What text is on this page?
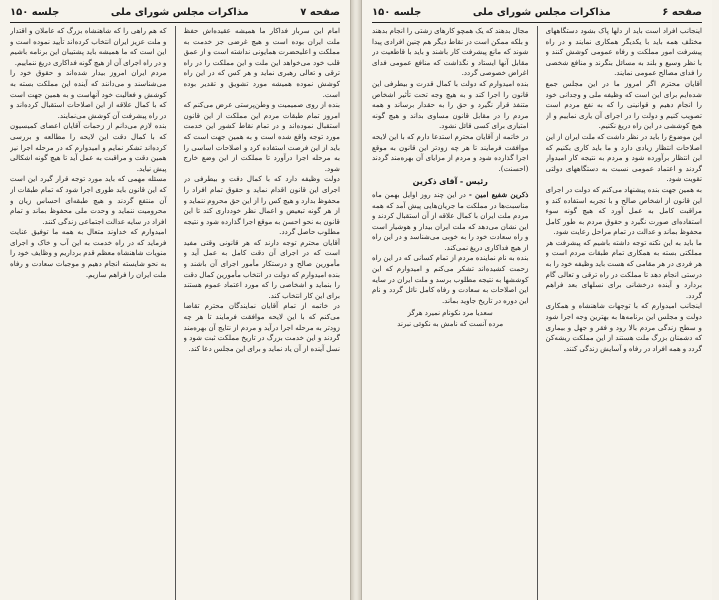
صفحه ۷
مذاکرات مجلس شورای ملی
جلسه ۱۵۰

امام این سرباز فداکار ما همیشه عقیده‌اش حفظ ملت ایران بوده است و هیچ غرضی جز خدمت به مملکت و اعلیحضرت همایونی نداشته است و از عمق قلب خود می‌خواهد این ملت و این مملکت را در راه ترقی و تعالی رهبری نماید و هر کس که در این راه کوشش نموده همیشه مورد تشویق و تقدیر بوده است.

بنده از روی صمیمیت و وطن‌پرستی عرض می‌کنم که امروز تمام طبقات مردم این مملکت از این قانون استقبال نموده‌اند و در تمام نقاط کشور این خدمت مورد توجه واقع شده است و به همین جهت است که باید از این فرصت استفاده کرد و اصلاحات اساسی را به مرحله اجرا درآورد تا مملکت از این وضع خارج شود.

دولت وظیفه دارد که با کمال دقت و بیطرفی در اجرای این قانون اقدام نماید و حقوق تمام افراد را محفوظ بدارد و هیچ کس را از این حق محروم ننماید و از هر گونه تبعیض و اعمال نظر خودداری کند تا این قانون به نحو احسن به موقع اجرا گذارده شود و نتیجه مطلوب حاصل گردد.

آقایان محترم توجه دارند که هر قانونی وقتی مفید است که در اجرای آن دقت کامل به عمل آید و مأمورین صالح و درستکار مأمور اجرای آن باشند و بنده امیدوارم که دولت در انتخاب مأمورین کمال دقت را بنماید و اشخاصی را که مورد اعتماد عموم هستند برای این کار انتخاب کند.

در خاتمه از تمام آقایان نمایندگان محترم تقاضا می‌کنم که با این لایحه موافقت فرمایند تا هر چه زودتر به مرحله اجرا درآید و مردم از نتایج آن بهره‌مند گردند و این خدمت بزرگ در تاریخ مملکت ثبت شود و نسل آینده از آن یاد نماید و برای این مجلس دعا کند.

که هم راهی را که شاهنشاه بزرگ که عاملان و اقتدار و ملت عزیز ایران انتخاب کرده‌اند تأیید نموده است و این است که ما همیشه باید پشتیبان این برنامه باشیم و در راه اجرای آن از هیچ گونه فداکاری دریغ ننماییم.

مردم ایران امروز بیدار شده‌اند و حقوق خود را می‌شناسند و می‌دانند که آینده این مملکت بسته به کوشش و فعالیت خود آنهاست و به همین جهت است که با کمال علاقه از این اصلاحات استقبال کرده‌اند و در راه پیشرفت آن کوشش می‌نمایند.

بنده لازم می‌دانم از زحمات آقایان اعضای کمیسیون که با کمال دقت این لایحه را مطالعه و بررسی کرده‌اند تشکر نمایم و امیدوارم که در مرحله اجرا نیز همین دقت و مراقبت به عمل آید تا هیچ گونه اشکالی پیش نیاید.

مسئله مهمی که باید مورد توجه قرار گیرد این است که این قانون باید طوری اجرا شود که تمام طبقات از آن منتفع گردند و هیچ طبقه‌ای احساس زیان و محرومیت ننماید و وحدت ملی محفوظ بماند و تمام افراد در سایه عدالت اجتماعی زندگی کنند.

امیدوارم که خداوند متعال به همه ما توفیق عنایت فرماید که در راه خدمت به این آب و خاک و اجرای منویات شاهنشاه معظم قدم برداریم و وظایف خود را به نحو شایسته انجام دهیم و موجبات سعادت و رفاه ملت ایران را فراهم سازیم.

صفحه ۶
مذاکرات مجلس شورای ملی
جلسه ۱۵۰

اینجانب افراد است باید از دلها پاک بشود دستگاههای مختلف همه باید با یکدیگر همکاری نمایند و در راه پیشرفت امور مملکت و رفاه عمومی کوشش کنند و با نظر وسیع و بلند به مسائل بنگرند و منافع شخصی را فدای مصالح عمومی نمایند.

آقایان محترم اگر امروز ما در این مجلس جمع شده‌ایم برای این است که وظیفه ملی و وجدانی خود را انجام دهیم و قوانینی را که به نفع مردم است تصویب کنیم و دولت را در اجرای آن یاری نماییم و از هیچ کوششی در این راه دریغ نکنیم.

این موضوع را باید در نظر داشت که ملت ایران از این اصلاحات انتظار زیادی دارد و ما باید کاری بکنیم که این انتظار برآورده شود و مردم به نتیجه کار امیدوار گردند و اعتماد عمومی نسبت به دستگاههای دولتی تقویت شود.

به همین جهت بنده پیشنهاد می‌کنم که دولت در اجرای این قانون از اشخاص صالح و با تجربه استفاده کند و مراقبت کامل به عمل آورد که هیچ گونه سوء استفاده‌ای صورت نگیرد و حقوق مردم به طور کامل محفوظ بماند و عدالت در تمام مراحل رعایت شود.

ما باید به این نکته توجه داشته باشیم که پیشرفت هر مملکتی بسته به همکاری تمام طبقات مردم است و هر فردی در هر مقامی که هست باید وظیفه خود را به درستی انجام دهد تا مملکت در راه ترقی و تعالی گام بردارد و آینده درخشانی برای نسلهای بعد فراهم گردد.

اینجانب امیدوارم که با توجهات شاهنشاه و همکاری دولت و مجلس این برنامه‌ها به بهترین وجه اجرا شود و سطح زندگی مردم بالا رود و فقر و جهل و بیماری که دشمنان بزرگ ملت هستند از این مملکت ریشه‌کن گردد و همه افراد در رفاه و آسایش زندگی کنند.

مجال بدهند که یک همچو کارهای زشتی را انجام بدهند و بلکه ممکن است در نقاط دیگر هم چنین افرادی پیدا شوند که مانع پیشرفت کار باشند و باید با قاطعیت در مقابل آنها ایستاد و نگذاشت که منافع عمومی فدای اغراض خصوصی گردد.

بنده امیدوارم که دولت با کمال قدرت و بیطرفی این قانون را اجرا کند و به هیچ وجه تحت تأثیر اشخاص متنفذ قرار نگیرد و حق را به حقدار برساند و همه مردم را در مقابل قانون مساوی بداند و هیچ گونه امتیازی برای کسی قائل نشود.

در خاتمه از آقایان محترم استدعا دارم که با این لایحه موافقت فرمایند تا هر چه زودتر این قانون به موقع اجرا گذارده شود و مردم از مزایای آن بهره‌مند گردند (احسنت).

رئیس - آقای ذکرین

ذکرین شفیع امین - در این چند روز اوایل بهمن ماه مناسبت‌ها در مملکت ما جریان‌هایی پیش آمد که همه مردم ملت ایران با کمال علاقه از آن استقبال کردند و این نشان می‌دهد که ملت ایران بیدار و هوشیار است و راه سعادت خود را به خوبی می‌شناسد و در این راه از هیچ فداکاری دریغ نمی‌کند.

بنده به نام نماینده مردم از تمام کسانی که در این راه زحمت کشیده‌اند تشکر می‌کنم و امیدوارم که این کوششها به نتیجه مطلوب برسد و ملت ایران در سایه این اصلاحات به سعادت و رفاه کامل نائل گردد و نام این دوره در تاریخ جاوید بماند.

سعدیا مرد نکونام نمیرد هرگز
مرده آنست که نامش به نکوئی نبرند
